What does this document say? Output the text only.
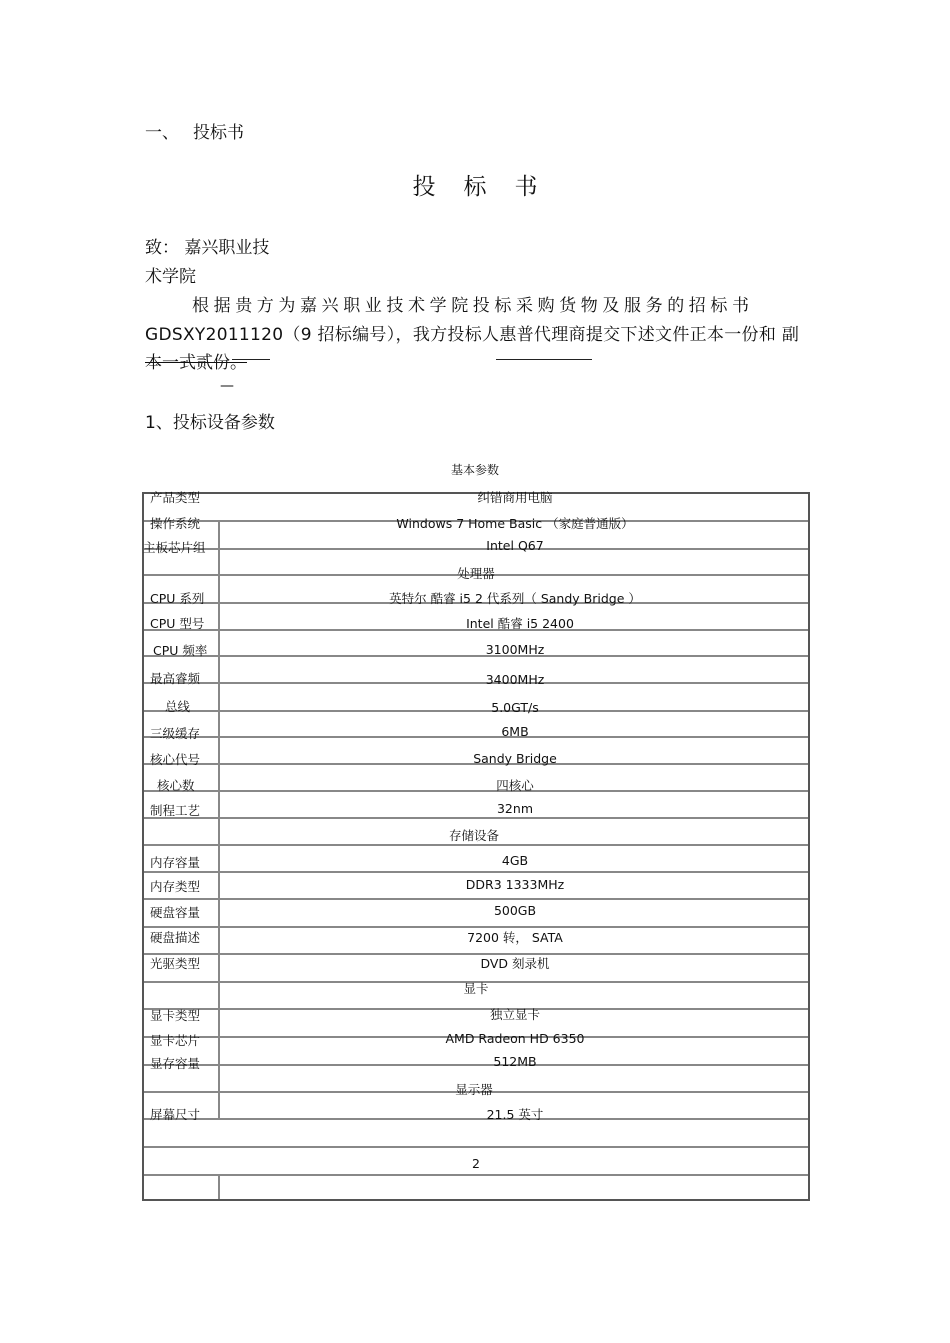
一、 投标书
投标书
致： 嘉兴职业技
术学院
根据贵方为嘉兴职业技术学院投标采购货物及服务的招标书
GDSXY2011120（9 招标编号），我方投标人惠普代理商提交下述文件正本一份和 副
本一式贰份。
—
1、投标设备参数
基本参数
产品类型	纠错商用电脑
操作系统	Windows 7 Home Basic （家庭普通版）
主板芯片组	Intel Q67
处理器
CPU 系列	英特尔 酷睿 i5 2 代系列（ Sandy Bridge ）
CPU 型号	Intel 酷睿 i5 2400
CPU 频率	3100MHz
最高睿频	3400MHz
总线	5.0GT/s
三级缓存	6MB
核心代号	Sandy Bridge
核心数	四核心
制程工艺	32nm
存储设备
内存容量	4GB
内存类型	DDR3 1333MHz
硬盘容量	500GB
硬盘描述	7200 转， SATA
光驱类型	DVD 刻录机
显卡
显卡类型	独立显卡
显卡芯片	AMD Radeon HD 6350
显存容量	512MB
显示器
屏幕尺寸	21.5 英寸
2
